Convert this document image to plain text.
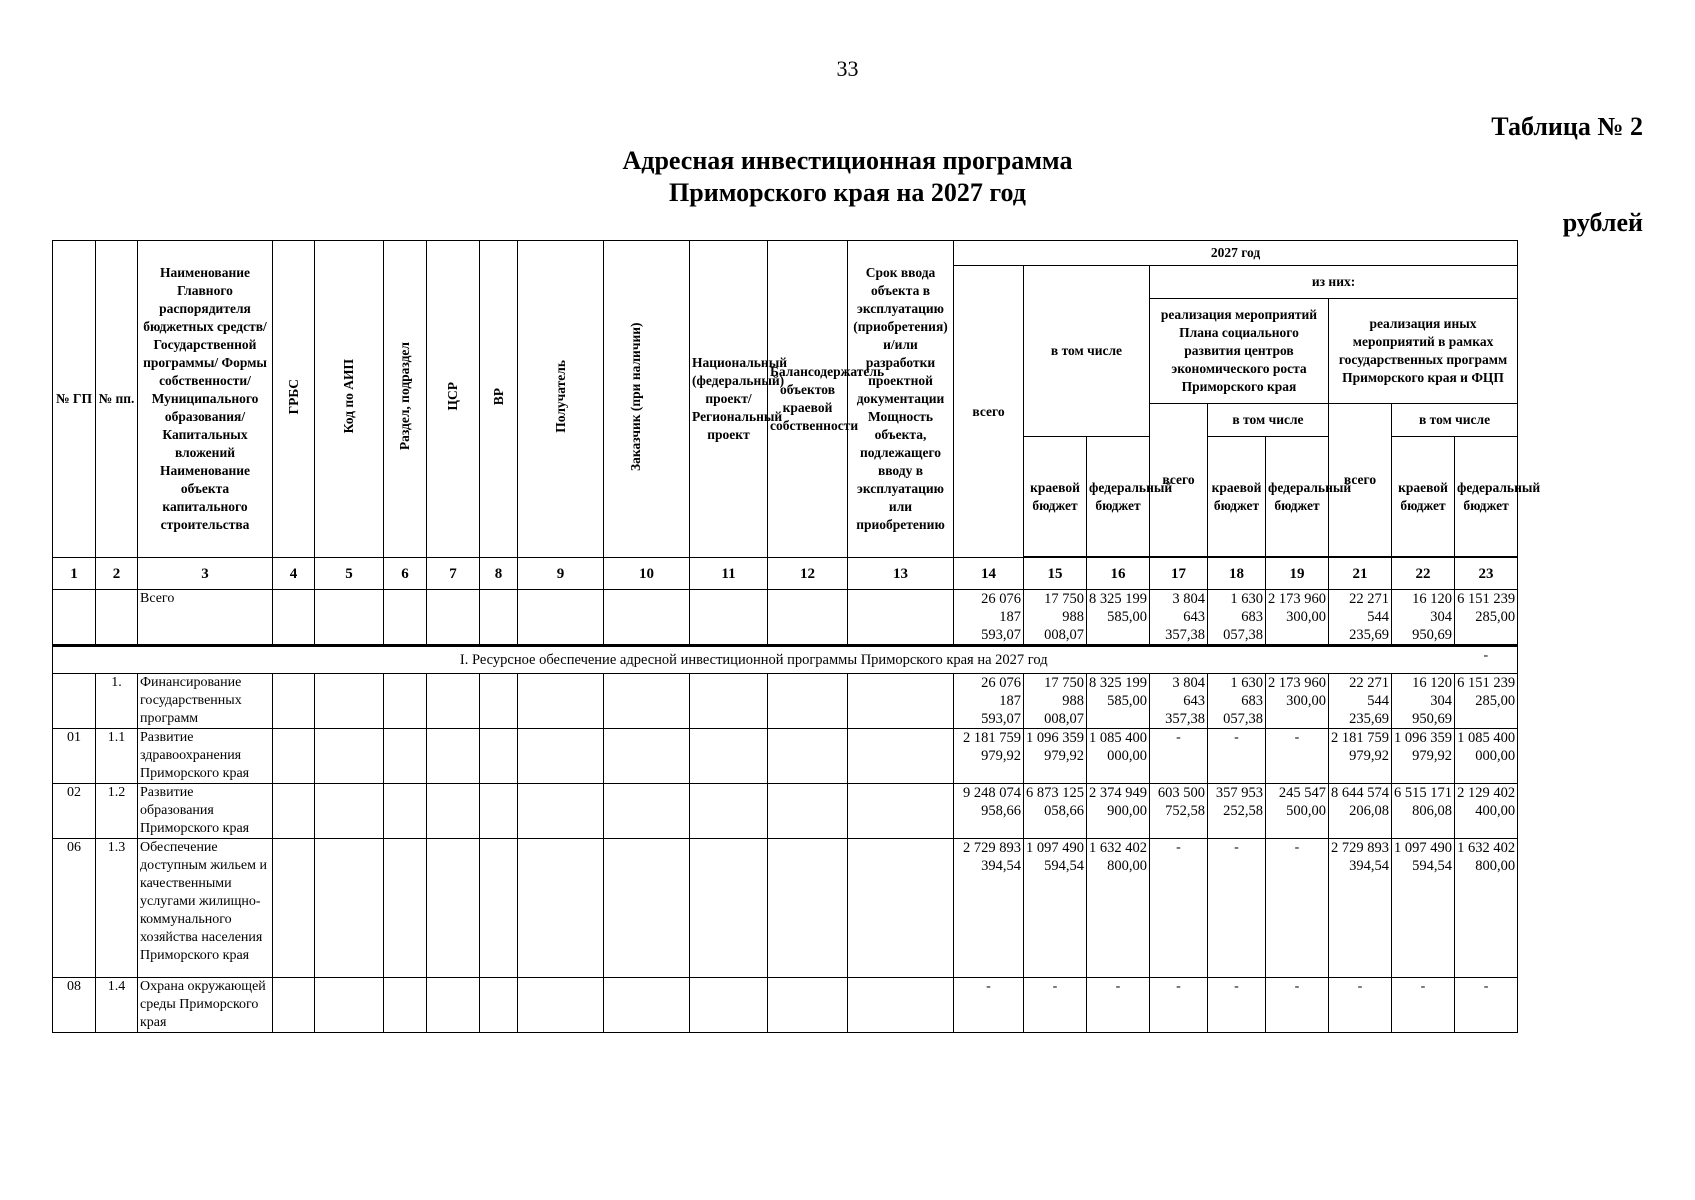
33
Таблица № 2
Адресная инвестиционная программа
Приморского края на 2027 год
рублей
№ ГП	№ пп.	Наименование Главного распорядителя бюджетных средств/Государственной программы/ Формы собственности/Муниципального образования/Капитальных вложений Наименование объекта капитального строительства	ГРБС	Код по АИП	Раздел, подраздел	ЦСР	ВР	Получатель	Заказчик (при наличии)	Национальный (федеральный) проект/ Региональный проект	Балансодержатель объектов краевой собственности	Срок ввода объекта в эксплуатацию (приобретения) и/или разработки проектной документации Мощность объекта, подлежащего вводу в эксплуатацию или приобретению	2027 год								
													всего	в том числе		из них:					
																реализация мероприятий Плана социального развития центров экономического роста Приморского края			реализация иных мероприятий в рамках государственных программ Приморского края и ФЦП		
																всего	в том числе		всего	в том числе	
														краевой бюджет	федеральный бюджет		краевой бюджет	федеральный бюджет		краевой бюджет	федеральный бюджет

1	2	3	4	5	6	7	8	9	10	11	12	13	14	15	16	17	18	19	21	22	23
		Всего											26 076 187 593,07	17 750 988 008,07	8 325 199 585,00	3 804 643 357,38	1 630 683 057,38	2 173 960 300,00	22 271 544 235,69	16 120 304 950,69	6 151 239 285,00
I. Ресурсное обеспечение адресной инвестиционной программы Приморского края на 2027 год																					-
	1.	Финансирование государственных программ											26 076 187 593,07	17 750 988 008,07	8 325 199 585,00	3 804 643 357,38	1 630 683 057,38	2 173 960 300,00	22 271 544 235,69	16 120 304 950,69	6 151 239 285,00
01	1.1	Развитие здравоохранения Приморского края											2 181 759 979,92	1 096 359 979,92	1 085 400 000,00	-	-	-	2 181 759 979,92	1 096 359 979,92	1 085 400 000,00
02	1.2	Развитие образования Приморского края											9 248 074 958,66	6 873 125 058,66	2 374 949 900,00	603 500 752,58	357 953 252,58	245 547 500,00	8 644 574 206,08	6 515 171 806,08	2 129 402 400,00
06	1.3	Обеспечение доступным жильем и качественными услугами жилищно-коммунального хозяйства населения Приморского края											2 729 893 394,54	1 097 490 594,54	1 632 402 800,00	-	-	-	2 729 893 394,54	1 097 490 594,54	1 632 402 800,00
08	1.4	Охрана окружающей среды Приморского края											-	-	-	-	-	-	-	-	-
